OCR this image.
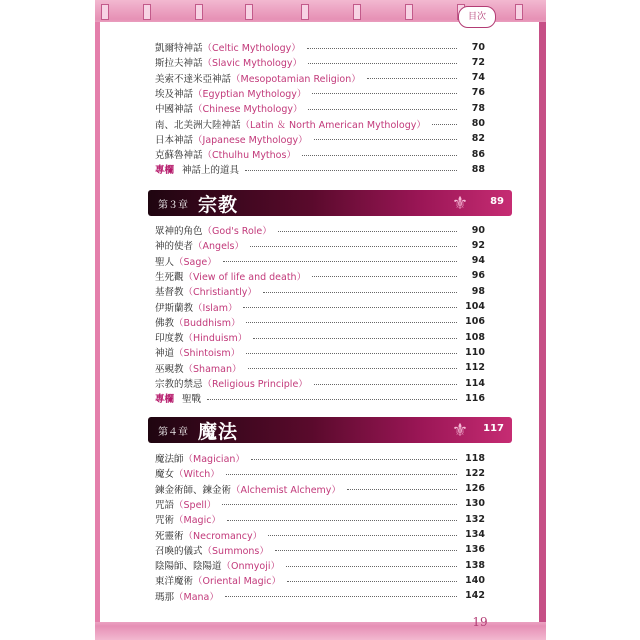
目次
凱爾特神話 （Celtic Mythology）	70
斯拉夫神話 （Slavic Mythology）	72
美索不達米亞神話 （Mesopotamian Religion）	74
埃及神話 （Egyptian Mythology）	76
中國神話 （Chinese Mythology）	78
南、北美洲大陸神話 （Latin ＆ North American Mythology）	80
日本神話 （Japanese Mythology）	82
克蘇魯神話 （Cthulhu Mythos）	86
專欄 神話上的道具	88
第３章 宗教	⚜ 89
眾神的角色 （God's Role）	90
神的使者 （Angels）	92
聖人 （Sage）	94
生死觀 （View of life and death）	96
基督教 （Christiantly）	98
伊斯蘭教 （Islam）	104
佛教 （Buddhism）	106
印度教 （Hinduism）	108
神道 （Shintoism）	110
巫覡教 （Shaman）	112
宗教的禁忌 （Religious Principle）	114
專欄 聖戰	116
第４章 魔法	⚜ 117
魔法師 （Magician）	118
魔女 （Witch）	122
鍊金術師、鍊金術 （Alchemist Alchemy）	126
咒語 （Spell）	130
咒術 （Magic）	132
死靈術 （Necromancy）	134
召喚的儀式 （Summons）	136
陰陽師、陰陽道 （Onmyoji）	138
東洋魔術 （Oriental Magic）	140
瑪那 （Mana）	142
19
